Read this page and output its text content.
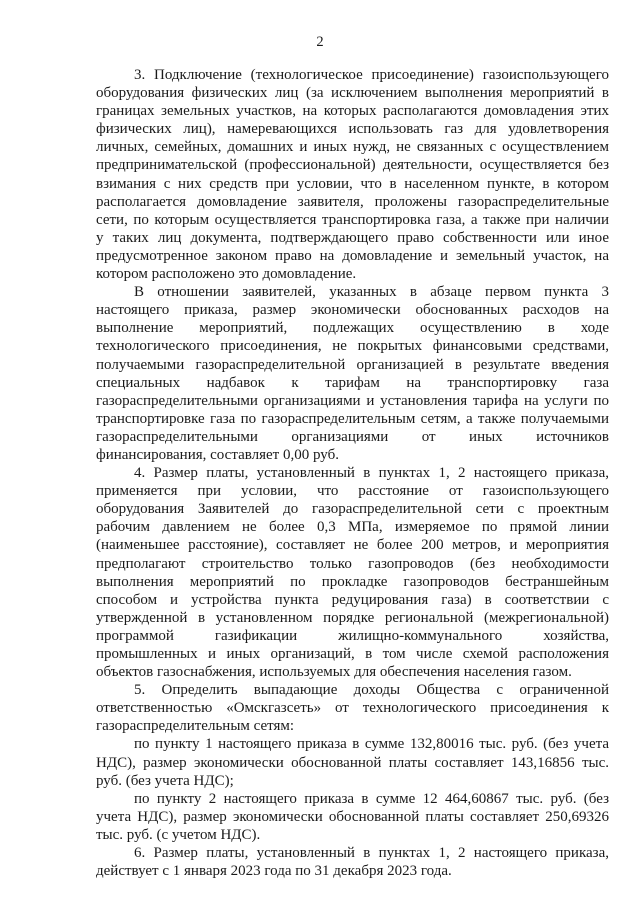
2
3. Подключение (технологическое присоединение) газоиспользующего
оборудования физических лиц (за исключением выполнения мероприятий в
границах земельных участков, на которых располагаются домовладения этих
физических лиц), намеревающихся использовать газ для удовлетворения
личных, семейных, домашних и иных нужд, не связанных с осуществлением
предпринимательской (профессиональной) деятельности, осуществляется без
взимания с них средств при условии, что в населенном пункте, в котором
располагается домовладение заявителя, проложены газораспределительные
сети, по которым осуществляется транспортировка газа, а также при наличии
у таких лиц документа, подтверждающего право собственности или иное
предусмотренное законом право на домовладение и земельный участок, на
котором расположено это домовладение.
В отношении заявителей, указанных в абзаце первом пункта 3
настоящего приказа, размер экономически обоснованных расходов на
выполнение мероприятий, подлежащих осуществлению в ходе
технологического присоединения, не покрытых финансовыми средствами,
получаемыми газораспределительной организацией в результате введения
специальных надбавок к тарифам на транспортировку газа
газораспределительными организациями и установления тарифа на услуги по
транспортировке газа по газораспределительным сетям, а также получаемыми
газораспределительными организациями от иных источников
финансирования, составляет 0,00 руб.
4. Размер платы, установленный в пунктах 1, 2 настоящего приказа,
применяется при условии, что расстояние от газоиспользующего
оборудования Заявителей до газораспределительной сети с проектным
рабочим давлением не более 0,3 МПа, измеряемое по прямой линии
(наименьшее расстояние), составляет не более 200 метров, и мероприятия
предполагают строительство только газопроводов (без необходимости
выполнения мероприятий по прокладке газопроводов бестраншейным
способом и устройства пункта редуцирования газа) в соответствии с
утвержденной в установленном порядке региональной (межрегиональной)
программой газификации жилищно-коммунального хозяйства,
промышленных и иных организаций, в том числе схемой расположения
объектов газоснабжения, используемых для обеспечения населения газом.
5. Определить выпадающие доходы Общества с ограниченной
ответственностью «Омскгазсеть» от технологического присоединения к
газораспределительным сетям:
по пункту 1 настоящего приказа в сумме 132,80016 тыс. руб. (без учета
НДС), размер экономически обоснованной платы составляет 143,16856 тыс.
руб. (без учета НДС);
по пункту 2 настоящего приказа в сумме 12 464,60867 тыс. руб. (без
учета НДС), размер экономически обоснованной платы составляет 250,69326
тыс. руб. (с учетом НДС).
6. Размер платы, установленный в пунктах 1, 2 настоящего приказа,
действует с 1 января 2023 года по 31 декабря 2023 года.
